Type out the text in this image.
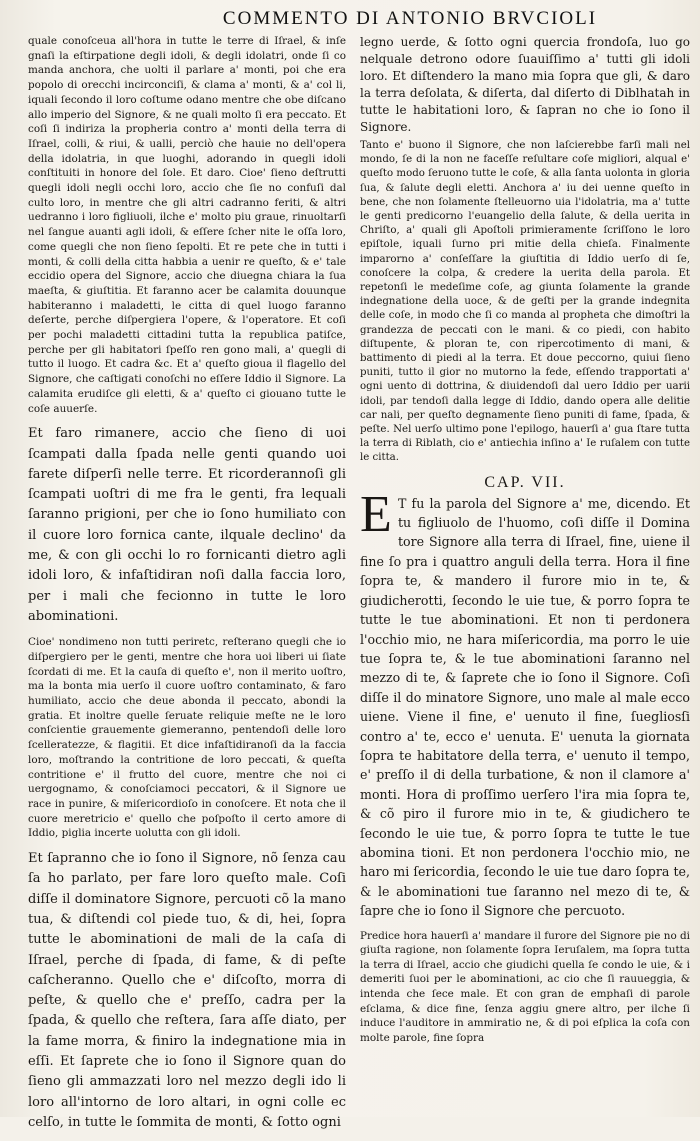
COMMENTO DI ANTONIO BRVCIOLI

quale conoſceua all'hora in tutte le terre di Iſrael, & inſe gnaſi la eſtirpatione degli idoli, & degli idolatri, onde ſi co manda anchora, che uolti il parlare a' monti, poi che era popolo di orecchi incirconciſi, & clama a' monti, & a' col li, iquali ſecondo il loro coſtume odano mentre che obe diſcano allo imperio del Signore, & ne quali molto ſi era peccato. Et coſi ſi indiriza la propheria contro a' monti della terra di Iſrael, colli, & riui, & ualli, perciò che hauie no dell'opera della idolatria, in que luoghi, adorando in quegli idoli conſtituiti in honore del ſole. Et daro. Cioe' ſieno deſtrutti quegli idoli negli occhi loro, accio che ſie no confuſi dal culto loro, in mentre che gli altri cadranno feriti, & altri uedranno i loro figliuoli, ilche e' molto piu graue, rinuoltarſi nel ſangue auanti agli idoli, & eſſere ſcher nite le oſſa loro, come quegli che non ſieno ſepolti. Et re pete che in tutti i monti, & colli della citta habbia a uenir re queſto, & e' tale eccidio opera del Signore, accio che diuegna chiara la ſua maeſta, & giuſtitia. Et faranno acer be calamita douunque habiteranno i maladetti, le citta di quel luogo faranno deſerte, perche diſpergiera l'opere, & l'operatore. Et coſi per pochi maladetti cittadini tutta la republica patiſce, perche per gli habitatori ſpeſſo ren gono mali, a' quegli di tutto il luogo. Et cadra &c. Et a' queſto gioua il flagello del Signore, che caſtigati conoſchi no eſſere Iddio il Signore. La calamita erudiſce gli eletti, & a' queſto ci giouano tutte le coſe auuerſe.

Et faro rimanere, accio che ſieno di uoi ſcampati dalla ſpada nelle genti quando uoi farete diſperſi nelle terre. Et ricorderannoſi gli ſcampati uoſtri di me fra le genti, fra lequali ſaranno prigioni, per che io ſono humiliato con il cuore loro fornica cante, ilquale declino' da me, & con gli occhi lo ro fornicanti dietro agli idoli loro, & infaſtidiran noſi dalla faccia loro, per i mali che fecionno in tutte le loro abominationi.

Cioe' nondimeno non tutti periretc, reſterano quegli che io diſpergiero per le genti, mentre che hora uoi liberi ui ſiate ſcordati di me. Et la cauſa di queſto e', non il merito uoſtro, ma la bonta mia uerſo il cuore uoſtro contaminato, & faro humiliato, accio che deue abonda il peccato, abondi la gratia. Et inoltre quelle ſeruate reliquie meſte ne le loro conſcientie grauemente giemeranno, pentendoſi delle loro ſcelleratezze, & flagitii. Et dice infaſtidiranoſi da la faccia loro, moſtrando la contritione de loro peccati, & queſta contritione e' il frutto del cuore, mentre che noi ci uergognamo, & conoſciamoci peccatori, & il Signore ue race in punire, & miſericordioſo in conoſcere. Et nota che il cuore meretricio e' quello che poſpoſto il certo amore di Iddio, piglia incerte uolutta con gli idoli.

Et ſapranno che io ſono il Signore, nõ ſenza cau ſa ho parlato, per fare loro queſto male. Coſi diſſe il dominatore Signore, percuoti cõ la mano tua, & diſtendi col piede tuo, & di, hei, ſopra tutte le abominationi de mali de la caſa di Iſrael, perche di ſpada, di fame, & di peſte caſcheranno. Quello che e' diſcoſto, morra di peſte, & quello che e' preſſo, cadra per la ſpada, & quello che reſtera, ſara aſſe diato, per la fame morra, & finiro la indegnatione mia in eſſi. Et ſaprete che io ſono il Signore quan do ſieno gli ammazzati loro nel mezzo degli ido li loro all'intorno de loro altari, in ogni colle ec celſo, in tutte le ſommita de monti, & ſotto ogni

legno uerde, & ſotto ogni quercia frondoſa, luo go nelquale detrono odore ſuauiſſimo a' tutti gli idoli loro. Et diſtendero la mano mia ſopra que gli, & daro la terra deſolata, & diſerta, dal diſerto di Diblhatah in tutte le habitationi loro, & ſapran no che io ſono il Signore.

Tanto e' buono il Signore, che non laſcierebbe farſi mali nel mondo, ſe di la non ne faceſſe reſultare coſe migliori, alqual e' queſto modo ſeruono tutte le coſe, & alla ſanta uolonta in gloria ſua, & ſalute degli eletti. Anchora a' iu dei uenne queſto in bene, che non ſolamente ſtelleuorno uia l'idolatria, ma a' tutte le genti predicorno l'euangelio della ſalute, & della uerita in Chriſto, a' quali gli Apoſtoli primieramente ſcriſſono le loro epiſtole, iquali ſurno pri mitie della chieſa. Finalmente imparorno a' conſeſſare la giuſtitia di Iddio uerſo di ſe, conoſcere la colpa, & credere la uerita della parola. Et repetonſi le medeſime coſe, ag giunta ſolamente la grande indegnatione della uoce, & de geſti per la grande indegnita delle coſe, in modo che ſi co manda al propheta che dimoſtri la grandezza de peccati con le mani. & co piedi, con habito diſtupente, & ploran te, con ripercotimento di mani, & battimento di piedi al la terra. Et doue peccorno, quiui ſieno puniti, tutto il gior no mutorno la fede, eſſendo trapportati a' ogni uento di dottrina, & diuidendoſi dal uero Iddio per uarii idoli, par tendoſi dalla legge di Iddio, dando opera alle delitie car nali, per queſto degnamente ſieno puniti di fame, ſpada, & peſte. Nel uerſo ultimo pone l'epilogo, hauerſi a' gua ſtare tutta la terra di Riblath, cio e' antiechia inſino a' Ie ruſalem con tutte le citta.

CAP. VII.
E T fu la parola del Signore a' me, dicendo. Et tu figliuolo de l'huomo, coſi diſſe il Domina tore Signore alla terra di Iſrael, fine, uiene il fine ſo pra i quattro anguli della terra. Hora il fine ſopra te, & mandero il furore mio in te, & giudicherotti, ſecondo le uie tue, & porro ſopra te tutte le tue abominationi. Et non ti perdonera l'occhio mio, ne hara miſericordia, ma porro le uie tue ſopra te, & le tue abominationi ſaranno nel mezzo di te, & ſaprete che io ſono il Signore. Coſi diſſe il do minatore Signore, uno male al male ecco uiene. Viene il fine, e' uenuto il fine, ſuegliosſi contro a' te, ecco e' uenuta. E' uenuta la giornata ſopra te habitatore della terra, e' uenuto il tempo, e' preſſo il di della turbatione, & non il clamore a' monti. Hora di proſſimo uerſero l'ira mia ſopra te, & cõ piro il furore mio in te, & giudichero te ſecondo le uie tue, & porro ſopra te tutte le tue abomina tioni. Et non perdonera l'occhio mio, ne haro mi ſericordia, ſecondo le uie tue daro ſopra te, & le abominationi tue ſaranno nel mezo di te, & ſapre che io ſono il Signore che percuoto.

Predice hora hauerſi a' mandare il furore del Signore pie no di giuſta ragione, non ſolamente ſopra Ieruſalem, ma ſopra tutta la terra di Iſrael, accio che giudichi quella ſe condo le uie, & i demeriti ſuoi per le abominationi, ac cio che ſi rauueggia, & intenda che ſece male. Et con gran de emphaſi di parole eſclama, & dice fine, ſenza aggiu gnere altro, per ilche ſi induce l'auditore in ammiratio ne, & di poi eſplica la coſa con molte parole, fine ſopra
